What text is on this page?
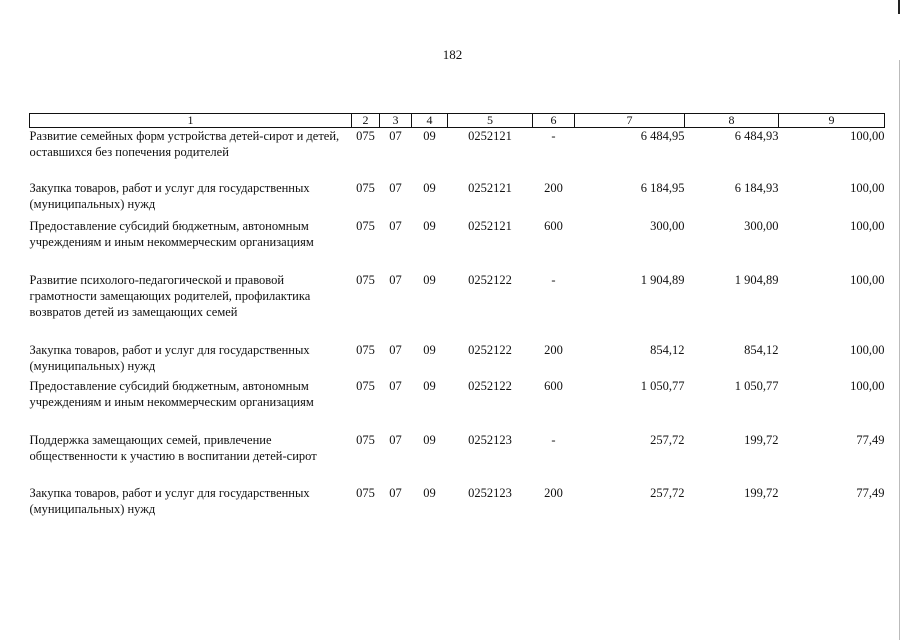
182
1	2	3	4	5	6	7	8	9
Развитие семейных форм устройства детей-сирот и детей, оставшихся без попечения родителей	075	07	09	0252121	-	6 484,95	6 484,93	100,00
Закупка товаров, работ и услуг для государственных (муниципальных) нужд	075	07	09	0252121	200	6 184,95	6 184,93	100,00
Предоставление субсидий бюджетным, автономным учреждениям и иным некоммерческим организациям	075	07	09	0252121	600	300,00	300,00	100,00
Развитие психолого-педагогической и правовой грамотности замещающих родителей, профилактика возвратов детей из замещающих семей	075	07	09	0252122	-	1 904,89	1 904,89	100,00
Закупка товаров, работ и услуг для государственных (муниципальных) нужд	075	07	09	0252122	200	854,12	854,12	100,00
Предоставление субсидий бюджетным, автономным учреждениям и иным некоммерческим организациям	075	07	09	0252122	600	1 050,77	1 050,77	100,00
Поддержка замещающих семей, привлечение общественности к участию в воспитании детей-сирот	075	07	09	0252123	-	257,72	199,72	77,49
Закупка товаров, работ и услуг для государственных (муниципальных) нужд	075	07	09	0252123	200	257,72	199,72	77,49
